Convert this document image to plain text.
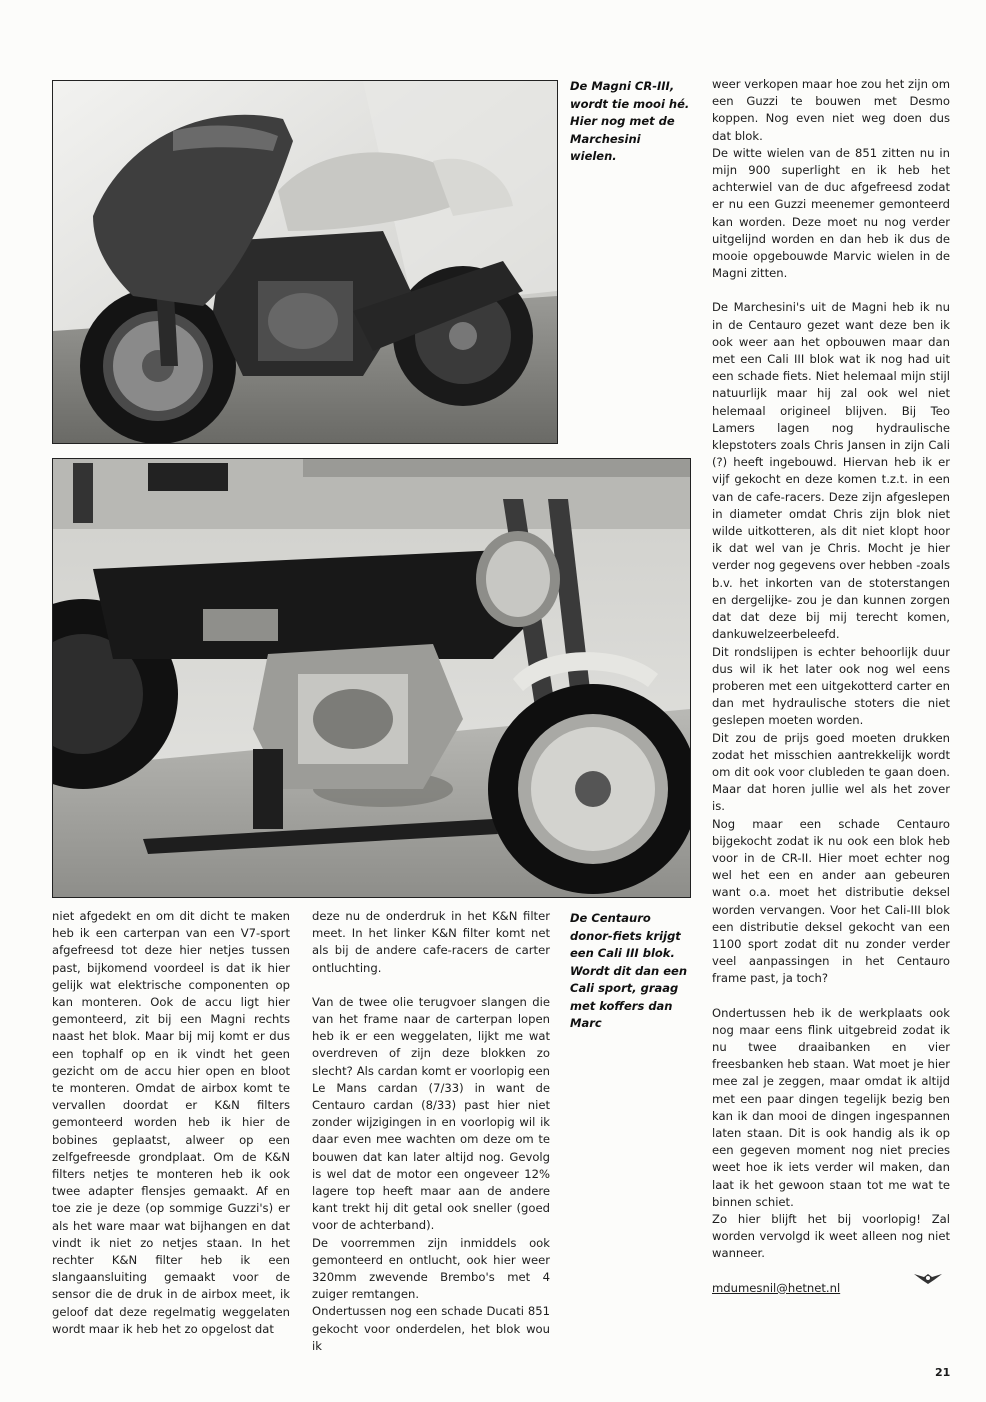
De Magni CR-III, wordt tie mooi hé. Hier nog met de Marchesini wielen.
De Centauro donor-fiets krijgt een Cali III blok. Wordt dit dan een Cali sport, graag met koffers dan Marc

niet afgedekt en om dit dicht te maken heb ik een carterpan van een V7-sport afgefreesd tot deze hier netjes tussen past, bijkomend voordeel is dat ik hier gelijk wat elektrische componenten op kan monteren. Ook de accu ligt hier gemonteerd, zit bij een Magni rechts naast het blok. Maar bij mij komt er dus een tophalf op en ik vindt het geen gezicht om de accu hier open en bloot te monteren. Omdat de airbox komt te vervallen doordat er K&N filters gemonteerd worden heb ik hier de bobines geplaatst, alweer op een zelfgefreesde grondplaat. Om de K&N filters netjes te monteren heb ik ook twee adapter flensjes gemaakt. Af en toe zie je deze (op sommige Guzzi's) er als het ware maar wat bijhangen en dat vindt ik niet zo netjes staan. In het rechter K&N filter heb ik een slangaansluiting gemaakt voor de sensor die de druk in de airbox meet, ik geloof dat deze regelmatig weggelaten wordt maar ik heb het zo opgelost dat

deze nu de onderdruk in het K&N filter meet. In het linker K&N filter komt net als bij de andere cafe-racers de carter ontluchting.

Van de twee olie terugvoer slangen die van het frame naar de carterpan lopen heb ik er een weggelaten, lijkt me wat overdreven of zijn deze blokken zo slecht? Als cardan komt er voorlopig een Le Mans cardan (7/33) in want de Centauro cardan (8/33) past hier niet zonder wijzigingen in en voorlopig wil ik daar even mee wachten om deze om te bouwen dat kan later altijd nog. Gevolg is wel dat de motor een ongeveer 12% lagere top heeft maar aan de andere kant trekt hij dit getal ook sneller (goed voor de achterband).

De voorremmen zijn inmiddels ook gemonteerd en ontlucht, ook hier weer 320mm zwevende Brembo's met 4 zuiger remtangen.

Ondertussen nog een schade Ducati 851 gekocht voor onderdelen, het blok wou ik

weer verkopen maar hoe zou het zijn om een Guzzi te bouwen met Desmo koppen. Nog even niet weg doen dus dat blok.

De witte wielen van de 851 zitten nu in mijn 900 superlight en ik heb het achterwiel van de duc afgefreesd zodat er nu een Guzzi meenemer gemonteerd kan worden. Deze moet nu nog verder uitgelijnd worden en dan heb ik dus de mooie opgebouwde Marvic wielen in de Magni zitten.

De Marchesini's uit de Magni heb ik nu in de Centauro gezet want deze ben ik ook weer aan het opbouwen maar dan met een Cali III blok wat ik nog had uit een schade fiets. Niet helemaal mijn stijl natuurlijk maar hij zal ook wel niet helemaal origineel blijven. Bij Teo Lamers lagen nog hydraulische klepstoters zoals Chris Jansen in zijn Cali (?) heeft ingebouwd. Hiervan heb ik er vijf gekocht en deze komen t.z.t. in een van de cafe-racers. Deze zijn afgeslepen in diameter omdat Chris zijn blok niet wilde uitkotteren, als dit niet klopt hoor ik dat wel van je Chris. Mocht je hier verder nog gegevens over hebben -zoals b.v. het inkorten van de stoterstangen en dergelijke- zou je dan kunnen zorgen dat dat deze bij mij terecht komen, dankuwelzeerbeleefd.

Dit rondslijpen is echter behoorlijk duur dus wil ik het later ook nog wel eens proberen met een uitgekotterd carter en dan met hydraulische stoters die niet geslepen moeten worden.

Dit zou de prijs goed moeten drukken zodat het misschien aantrekkelijk wordt om dit ook voor clubleden te gaan doen. Maar dat horen jullie wel als het zover is.

Nog maar een schade Centauro bijgekocht zodat ik nu ook een blok heb voor in de CR-II. Hier moet echter nog wel het een en ander aan gebeuren want o.a. moet het distributie deksel worden vervangen. Voor het Cali-III blok een distributie deksel gekocht van een 1100 sport zodat dit nu zonder verder veel aanpassingen in het Centauro frame past, ja toch?

Ondertussen heb ik de werkplaats ook nog maar eens flink uitgebreid zodat ik nu twee draaibanken en vier freesbanken heb staan. Wat moet je hier mee zal je zeggen, maar omdat ik altijd met een paar dingen tegelijk bezig ben kan ik dan mooi de dingen ingespannen laten staan. Dit is ook handig als ik op een gegeven moment nog niet precies weet hoe ik iets verder wil maken, dan laat ik het gewoon staan tot me wat te binnen schiet.

Zo hier blijft het bij voorlopig! Zal worden vervolgd ik weet alleen nog niet wanneer.

mdumesnil@hetnet.nl

21
